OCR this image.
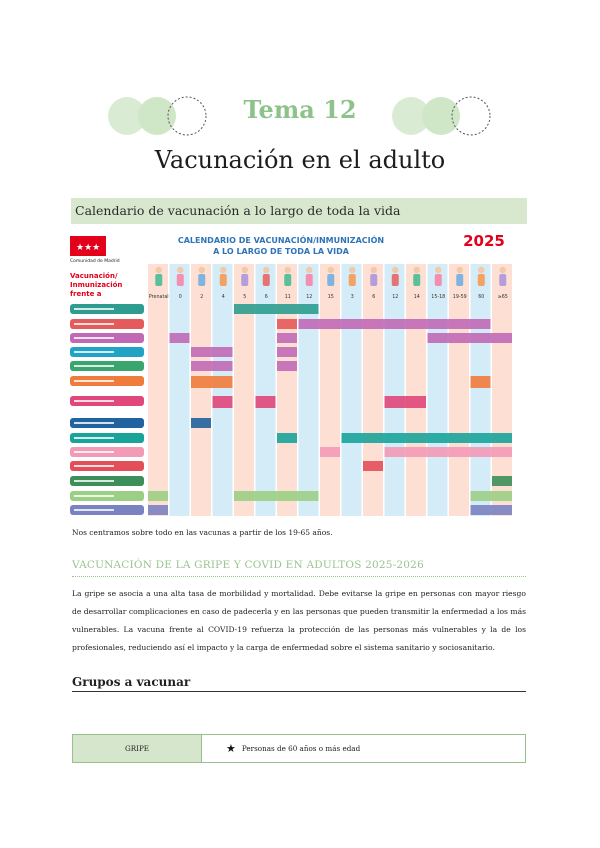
Tema 12
Vacunación en el adulto
Calendario de vacunación a lo largo de toda la vida
★★★
Comunidad de Madrid
Vacunación/
Inmunización
frente a
CALENDARIO DE VACUNACIÓN/INMUNIZACIÓN
A LO LARGO DE TODA LA VIDA
2025
Prenatal 0	2	4	5	6	11	12	15	3	6	12	14 15-18 19-59 60	≥65
Nos centramos sobre todo en las vacunas a partir de los 19-65 años.
VACUNACIÓN DE LA GRIPE Y COVID EN ADULTOS 2025-2026
La gripe se asocia a una alta tasa de morbilidad y mortalidad. Debe evitarse la gripe en personas con mayor riesgo de desarrollar complicaciones en caso de padecerla y en las personas que pueden transmitir la enfermedad a los más vulnerables. La vacuna frente al COVID-19 refuerza la protección de las personas más vulnerables y la de los profesionales, reduciendo así el impacto y la carga de enfermedad sobre el sistema sanitario y sociosanitario.
Grupos a vacunar
GRIPE	★ Personas de 60 años o más edad
